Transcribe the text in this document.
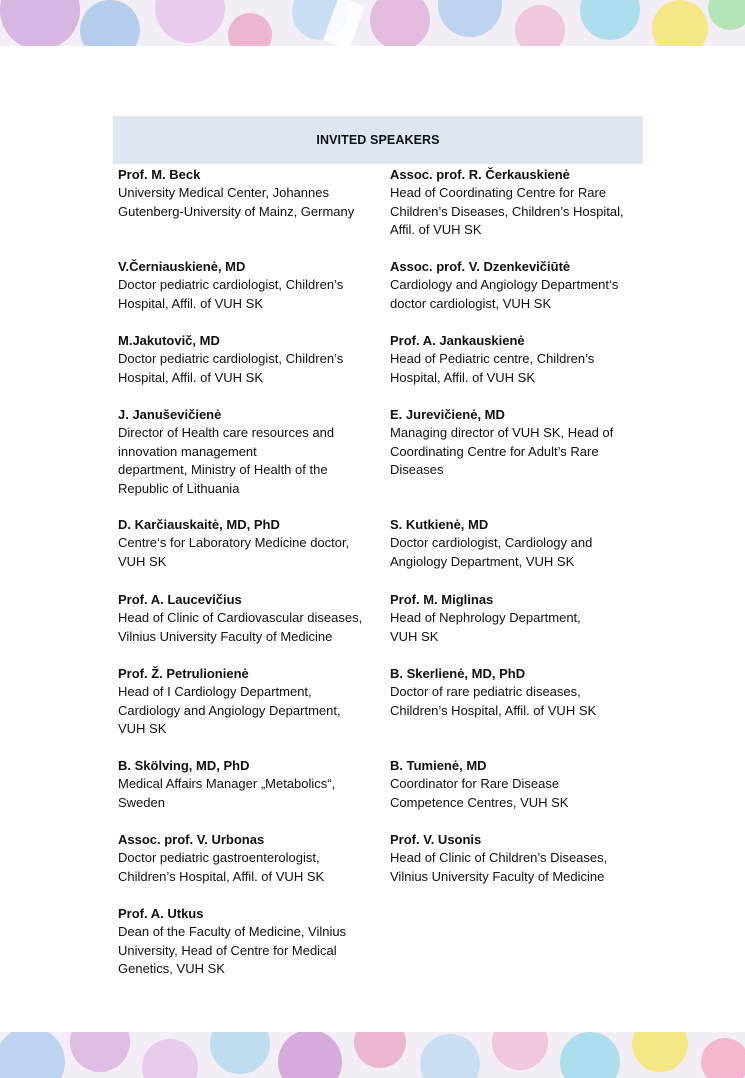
INVITED SPEAKERS
Prof. M. Beck
University Medical Center, Johannes
Gutenberg-University of Mainz, Germany
Assoc. prof. R. Čerkauskienė
Head of Coordinating Centre for Rare
Children’s Diseases, Children’s Hospital,
Affil. of VUH SK
V.Černiauskienė, MD
Doctor pediatric cardiologist, Children’s
Hospital, Affil. of VUH SK
Assoc. prof. V. Dzenkevičiūtė
Cardiology and Angiology Department‘s
doctor cardiologist, VUH SK
M.Jakutovič, MD
Doctor pediatric cardiologist, Children’s
Hospital, Affil. of VUH SK
Prof. A. Jankauskienė
Head of Pediatric centre, Children’s
Hospital, Affil. of VUH SK
J. Januševičienė
Director of Health care resources and
innovation management
department, Ministry of Health of the
Republic of Lithuania
E. Jurevičienė, MD
Managing director of VUH SK, Head of
Coordinating Centre for Adult’s Rare
Diseases
D. Karčiauskaitė, MD, PhD
Centre‘s for Laboratory Medicine doctor,
VUH SK
S. Kutkienė, MD
Doctor cardiologist, Cardiology and
Angiology Department, VUH SK
Prof. A. Laucevičius
Head of Clinic of Cardiovascular diseases,
Vilnius University Faculty of Medicine
Prof. M. Miglinas
Head of Nephrology Department,
VUH SK
Prof. Ž. Petrulionienė
Head of I Cardiology Department,
Cardiology and Angiology Department,
VUH SK
B. Skerlienė, MD, PhD
Doctor of rare pediatric diseases,
Children’s Hospital, Affil. of VUH SK
B. Skölving, MD, PhD
Medical Affairs Manager „Metabolics“,
Sweden
B. Tumienė, MD
Coordinator for Rare Disease
Competence Centres, VUH SK
Assoc. prof. V. Urbonas
Doctor pediatric gastroenterologist,
Children’s Hospital, Affil. of VUH SK
Prof. V. Usonis
Head of Clinic of Children’s Diseases,
Vilnius University Faculty of Medicine
Prof. A. Utkus
Dean of the Faculty of Medicine, Vilnius
University, Head of Centre for Medical
Genetics, VUH SK
